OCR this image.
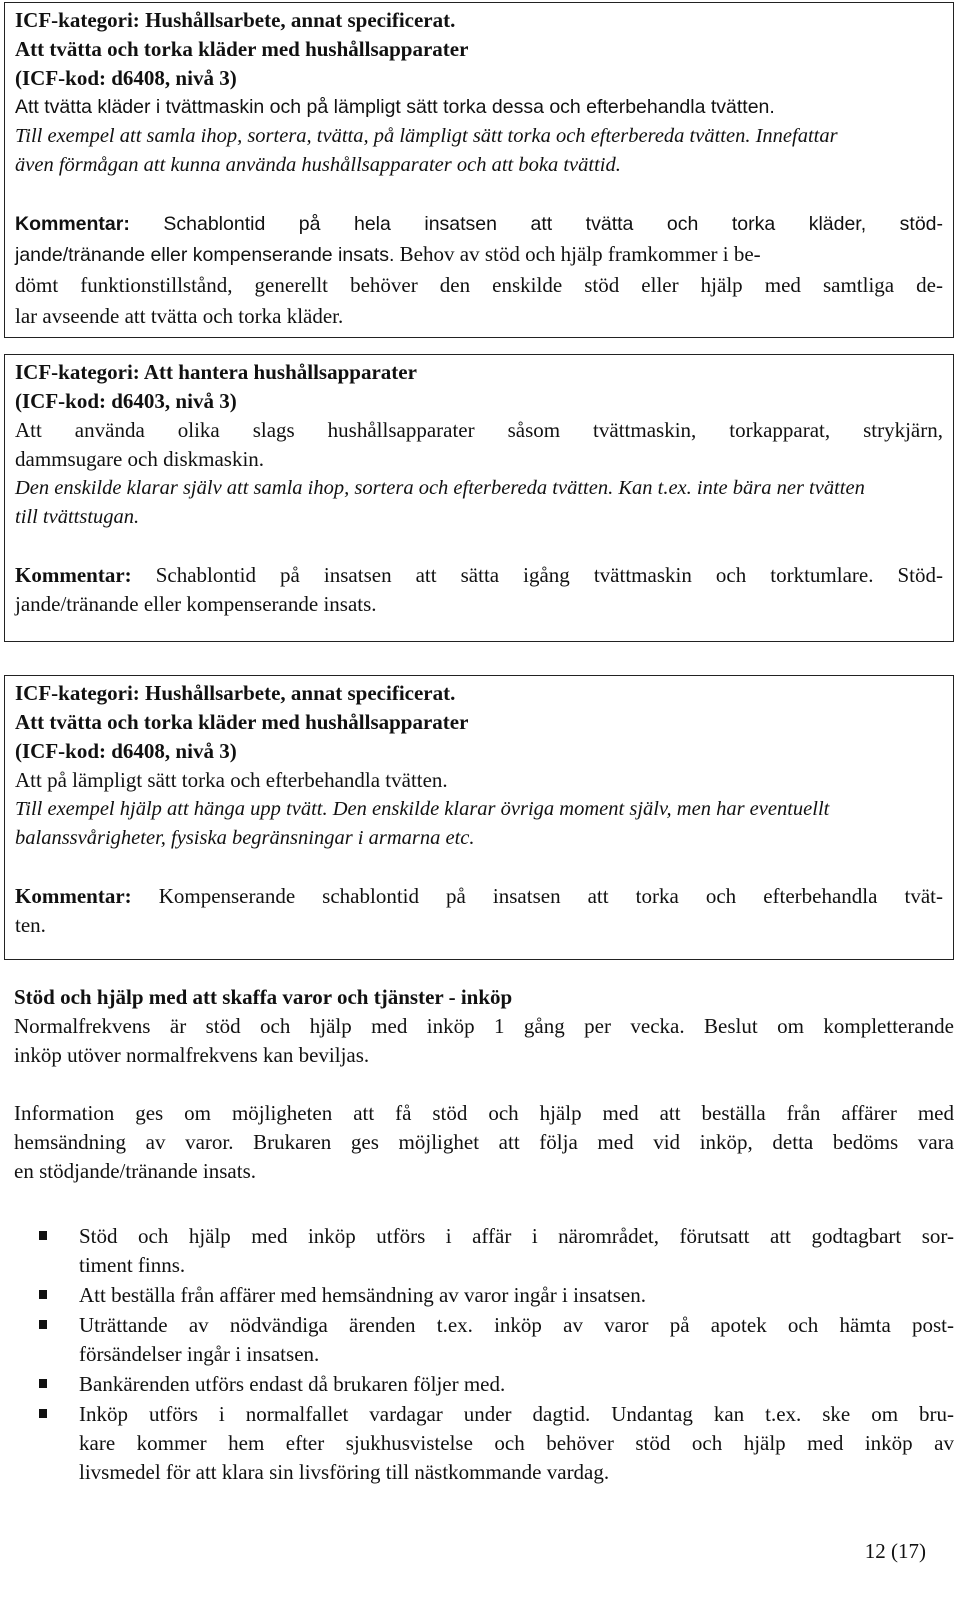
ICF-kategori: Hushållsarbete, annat specificerat.
Att tvätta och torka kläder med hushållsapparater
(ICF-kod: d6408, nivå 3)
Att tvätta kläder i tvättmaskin och på lämpligt sätt torka dessa och efterbehandla tvätten.
Till exempel att samla ihop, sortera, tvätta, på lämpligt sätt torka och efterbereda tvätten. Innefattar
även förmågan att kunna använda hushållsapparater och att boka tvättid.
Kommentar: Schablontid på hela insatsen att tvätta och torka kläder, stöd-
jande/tränande eller kompenserande insats. Behov av stöd och hjälp framkommer i be-
dömt funktionstillstånd, generellt behöver den enskilde stöd eller hjälp med samtliga de-
lar avseende att tvätta och torka kläder.
ICF-kategori: Att hantera hushållsapparater
(ICF-kod: d6403, nivå 3)
Att använda olika slags hushållsapparater såsom tvättmaskin, torkapparat, strykjärn,
dammsugare och diskmaskin.
Den enskilde klarar själv att samla ihop, sortera och efterbereda tvätten. Kan t.ex. inte bära ner tvätten
till tvättstugan.
Kommentar: Schablontid på insatsen att sätta igång tvättmaskin och torktumlare. Stöd-
jande/tränande eller kompenserande insats.
ICF-kategori: Hushållsarbete, annat specificerat.
Att tvätta och torka kläder med hushållsapparater
(ICF-kod: d6408, nivå 3)
Att på lämpligt sätt torka och efterbehandla tvätten.
Till exempel hjälp att hänga upp tvätt. Den enskilde klarar övriga moment själv, men har eventuellt
balanssvårigheter, fysiska begränsningar i armarna etc.
Kommentar: Kompenserande schablontid på insatsen att torka och efterbehandla tvät-
ten.
Stöd och hjälp med att skaffa varor och tjänster - inköp
Normalfrekvens är stöd och hjälp med inköp 1 gång per vecka. Beslut om kompletterande
inköp utöver normalfrekvens kan beviljas.
Information ges om möjligheten att få stöd och hjälp med att beställa från affärer med
hemsändning av varor. Brukaren ges möjlighet att följa med vid inköp, detta bedöms vara
en stödjande/tränande insats.
Stöd och hjälp med inköp utförs i affär i närområdet, förutsatt att godtagbart sor-
timent finns.
Att beställa från affärer med hemsändning av varor ingår i insatsen.
Uträttande av nödvändiga ärenden t.ex. inköp av varor på apotek och hämta post-
försändelser ingår i insatsen.
Bankärenden utförs endast då brukaren följer med.
Inköp utförs i normalfallet vardagar under dagtid. Undantag kan t.ex. ske om bru-
kare kommer hem efter sjukhusvistelse och behöver stöd och hjälp med inköp av
livsmedel för att klara sin livsföring till nästkommande vardag.
12 (17)
